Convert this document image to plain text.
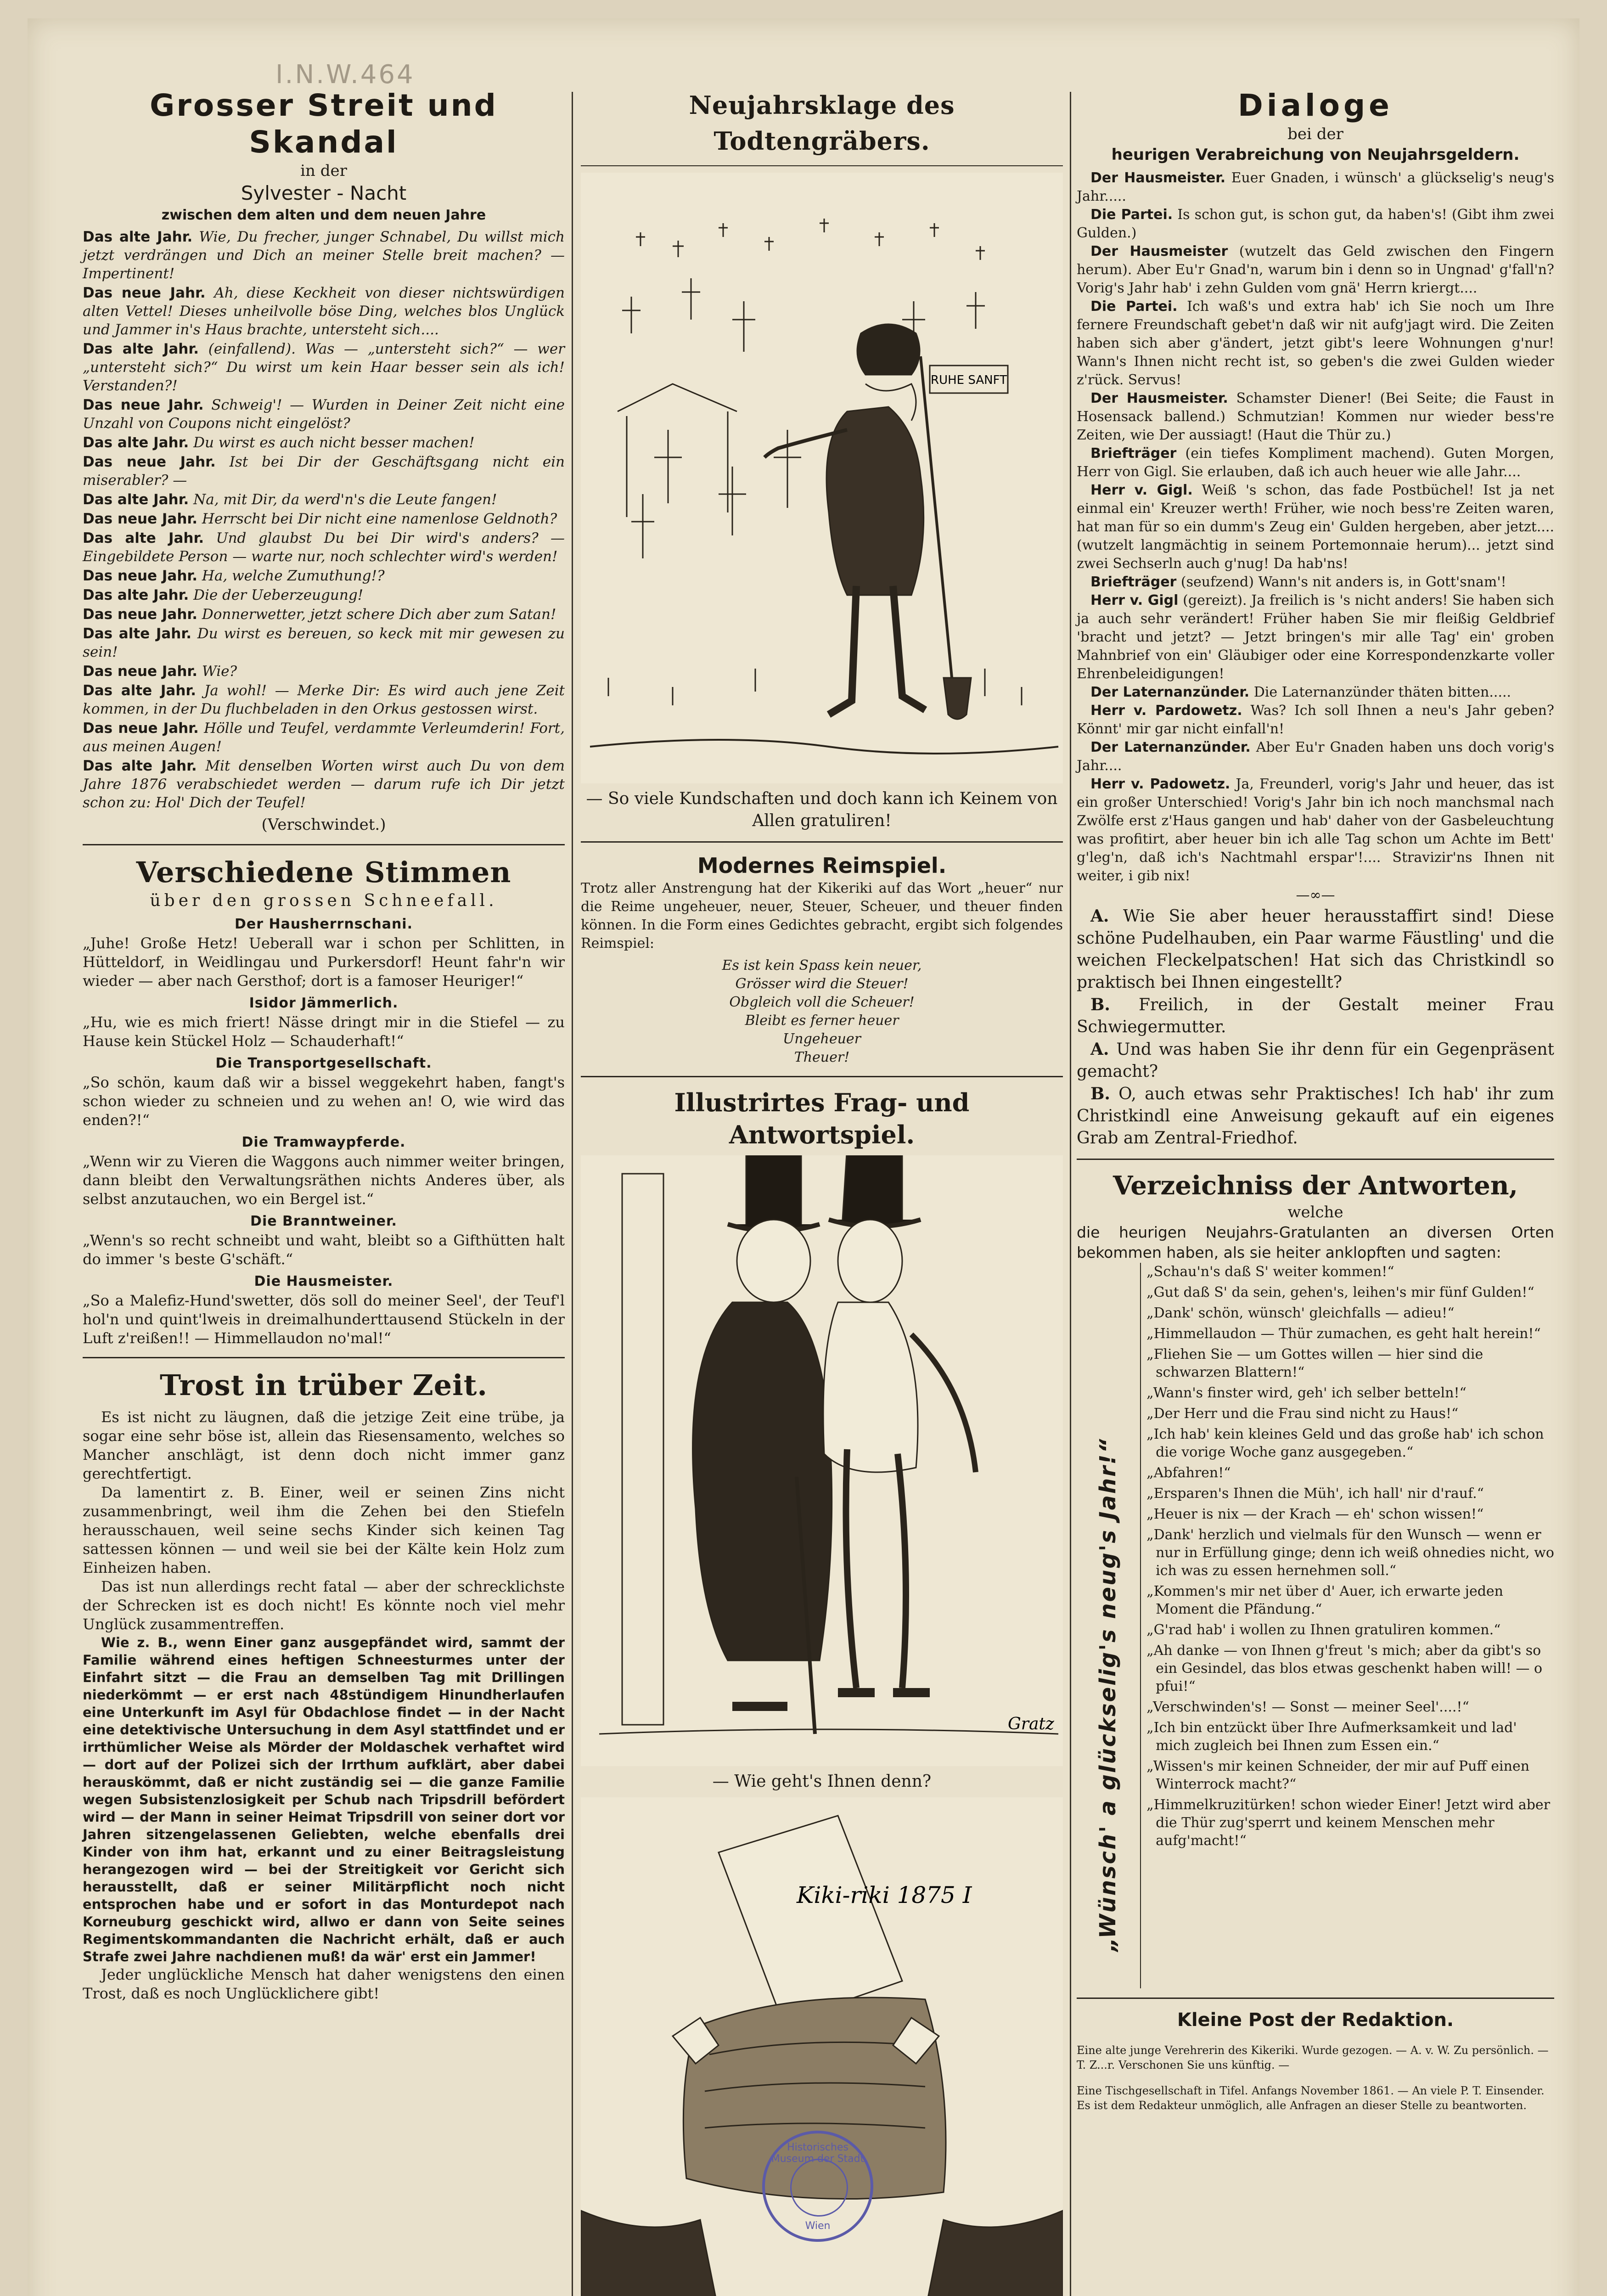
I.N.W.464
Grosser Streit und Skandal
in der
Sylvester - Nacht
zwischen dem alten und dem neuen Jahre

Das alte Jahr. Wie, Du frecher, junger Schnabel, Du willst mich jetzt verdrängen und Dich an meiner Stelle breit machen? — Impertinent!

Das neue Jahr. Ah, diese Keckheit von dieser nichtswürdigen alten Vettel! Dieses unheilvolle böse Ding, welches blos Unglück und Jammer in's Haus brachte, untersteht sich....

Das alte Jahr. (einfallend). Was — „untersteht sich?“ — wer „untersteht sich?“ Du wirst um kein Haar besser sein als ich! Verstanden?!

Das neue Jahr. Schweig'! — Wurden in Deiner Zeit nicht eine Unzahl von Coupons nicht eingelöst?

Das alte Jahr. Du wirst es auch nicht besser machen!

Das neue Jahr. Ist bei Dir der Geschäftsgang nicht ein miserabler? —

Das alte Jahr. Na, mit Dir, da werd'n's die Leute fangen!

Das neue Jahr. Herrscht bei Dir nicht eine namenlose Geldnoth?

Das alte Jahr. Und glaubst Du bei Dir wird's anders? — Eingebildete Person — warte nur, noch schlechter wird's werden!

Das neue Jahr. Ha, welche Zumuthung!?

Das alte Jahr. Die der Ueberzeugung!

Das neue Jahr. Donnerwetter, jetzt schere Dich aber zum Satan!

Das alte Jahr. Du wirst es bereuen, so keck mit mir gewesen zu sein!

Das neue Jahr. Wie?

Das alte Jahr. Ja wohl! — Merke Dir: Es wird auch jene Zeit kommen, in der Du fluchbeladen in den Orkus gestossen wirst.

Das neue Jahr. Hölle und Teufel, verdammte Verleumderin! Fort, aus meinen Augen!

Das alte Jahr. Mit denselben Worten wirst auch Du von dem Jahre 1876 verabschiedet werden — darum rufe ich Dir jetzt schon zu: Hol' Dich der Teufel!

(Verschwindet.)
Verschiedene Stimmen
über den grossen Schneefall.
Der Hausherrnschani.

„Juhe! Große Hetz! Ueberall war i schon per Schlitten, in Hütteldorf, in Weidlingau und Purkersdorf! Heunt fahr'n wir wieder — aber nach Gersthof; dort is a famoser Heuriger!“

Isidor Jämmerlich.

„Hu, wie es mich friert! Nässe dringt mir in die Stiefel — zu Hause kein Stückel Holz — Schauderhaft!“

Die Transportgesellschaft.

„So schön, kaum daß wir a bissel weggekehrt haben, fangt's schon wieder zu schneien und zu wehen an! O, wie wird das enden?!“

Die Tramwaypferde.

„Wenn wir zu Vieren die Waggons auch nimmer weiter bringen, dann bleibt den Verwaltungsräthen nichts Anderes über, als selbst anzutauchen, wo ein Bergel ist.“

Die Branntweiner.

„Wenn's so recht schneibt und waht, bleibt so a Gifthütten halt do immer 's beste G'schäft.“

Die Hausmeister.

„So a Malefiz-Hund'swetter, dös soll do meiner Seel', der Teuf'l hol'n und quint'lweis in dreimalhunderttausend Stückeln in der Luft z'reißen!! — Himmellaudon no'mal!“

Trost in trüber Zeit.

Es ist nicht zu läugnen, daß die jetzige Zeit eine trübe, ja sogar eine sehr böse ist, allein das Riesensamento, welches so Mancher anschlägt, ist denn doch nicht immer ganz gerechtfertigt.

Da lamentirt z. B. Einer, weil er seinen Zins nicht zusammenbringt, weil ihm die Zehen bei den Stiefeln herausschauen, weil seine sechs Kinder sich keinen Tag sattessen können — und weil sie bei der Kälte kein Holz zum Einheizen haben.

Das ist nun allerdings recht fatal — aber der schrecklichste der Schrecken ist es doch nicht! Es könnte noch viel mehr Unglück zusammentreffen.

Wie z. B., wenn Einer ganz ausgepfändet wird, sammt der Familie während eines heftigen Schneesturmes unter der Einfahrt sitzt — die Frau an demselben Tag mit Drillingen niederkömmt — er erst nach 48stündigem Hinundherlaufen eine Unterkunft im Asyl für Obdachlose findet — in der Nacht eine detektivische Untersuchung in dem Asyl stattfindet und er irrthümlicher Weise als Mörder der Moldaschek verhaftet wird — dort auf der Polizei sich der Irrthum aufklärt, aber dabei herauskömmt, daß er nicht zuständig sei — die ganze Familie wegen Subsistenzlosigkeit per Schub nach Tripsdrill befördert wird — der Mann in seiner Heimat Tripsdrill von seiner dort vor Jahren sitzengelassenen Geliebten, welche ebenfalls drei Kinder von ihm hat, erkannt und zu einer Beitragsleistung herangezogen wird — bei der Streitigkeit vor Gericht sich herausstellt, daß er seiner Militärpflicht noch nicht entsprochen habe und er sofort in das Monturdepot nach Korneuburg geschickt wird, allwo er dann von Seite seines Regimentskommandanten die Nachricht erhält, daß er auch Strafe zwei Jahre nachdienen muß! da wär' erst ein Jammer!

Jeder unglückliche Mensch hat daher wenigstens den einen Trost, daß es noch Unglücklichere gibt!

Neujahrsklage des Todtengräbers.
RUHE SANFT
— So viele Kundschaften und doch kann ich Keinem von Allen gratuliren!
Modernes Reimspiel.

Trotz aller Anstrengung hat der Kikeriki auf das Wort „heuer“ nur die Reime ungeheuer, neuer, Steuer, Scheuer, und theuer finden können. In die Form eines Gedichtes gebracht, ergibt sich folgendes Reimspiel:

Es ist kein Spass kein neuer,
Grösser wird die Steuer!
Obgleich voll die Scheuer!
Bleibt es ferner heuer
Ungeheuer
Theuer!
Illustrirtes Frag- und Antwortspiel.
Gratz
— Wie geht's Ihnen denn?
Kiki-riki 1875 I
Historisches Museum der Stadt
Wien
Dialoge
bei der
heurigen Verabreichung von Neujahrsgeldern.

Der Hausmeister. Euer Gnaden, i wünsch' a glückselig's neug's Jahr.....

Die Partei. Is schon gut, is schon gut, da haben's! (Gibt ihm zwei Gulden.)

Der Hausmeister (wutzelt das Geld zwischen den Fingern herum). Aber Eu'r Gnad'n, warum bin i denn so in Ungnad' g'fall'n? Vorig's Jahr hab' i zehn Gulden vom gnä' Herrn kriergt....

Die Partei. Ich waß's und extra hab' ich Sie noch um Ihre fernere Freundschaft gebet'n daß wir nit aufg'jagt wird. Die Zeiten haben sich aber g'ändert, jetzt gibt's leere Wohnungen g'nur! Wann's Ihnen nicht recht ist, so geben's die zwei Gulden wieder z'rück. Servus!

Der Hausmeister. Schamster Diener! (Bei Seite; die Faust in Hosensack ballend.) Schmutzian! Kommen nur wieder bess're Zeiten, wie Der aussiagt! (Haut die Thür zu.)

Briefträger (ein tiefes Kompliment machend). Guten Morgen, Herr von Gigl. Sie erlauben, daß ich auch heuer wie alle Jahr....

Herr v. Gigl. Weiß 's schon, das fade Postbüchel! Ist ja net einmal ein' Kreuzer werth! Früher, wie noch bess're Zeiten waren, hat man für so ein dumm's Zeug ein' Gulden hergeben, aber jetzt.... (wutzelt langmächtig in seinem Portemonnaie herum)... jetzt sind zwei Sechserln auch g'nug! Da hab'ns!

Briefträger (seufzend) Wann's nit anders is, in Gott'snam'!

Herr v. Gigl (gereizt). Ja freilich is 's nicht anders! Sie haben sich ja auch sehr verändert! Früher haben Sie mir fleißig Geldbrief 'bracht und jetzt? — Jetzt bringen's mir alle Tag' ein' groben Mahnbrief von ein' Gläubiger oder eine Korrespondenzkarte voller Ehrenbeleidigungen!

Der Laternanzünder. Die Laternanzünder thäten bitten.....

Herr v. Pardowetz. Was? Ich soll Ihnen a neu's Jahr geben? Könnt' mir gar nicht einfall'n!

Der Laternanzünder. Aber Eu'r Gnaden haben uns doch vorig's Jahr....

Herr v. Padowetz. Ja, Freunderl, vorig's Jahr und heuer, das ist ein großer Unterschied! Vorig's Jahr bin ich noch manchsmal nach Zwölfe erst z'Haus gangen und hab' daher von der Gasbeleuchtung was profitirt, aber heuer bin ich alle Tag schon um Achte im Bett' g'leg'n, daß ich's Nachtmahl erspar'!.... Stravizir'ns Ihnen nit weiter, i gib nix!

—∞—

A. Wie Sie aber heuer herausstaffirt sind! Diese schöne Pudelhauben, ein Paar warme Fäustling' und die weichen Fleckelpatschen! Hat sich das Christkindl so praktisch bei Ihnen eingestellt?

B. Freilich, in der Gestalt meiner Frau Schwiegermutter.

A. Und was haben Sie ihr denn für ein Gegenpräsent gemacht?

B. O, auch etwas sehr Praktisches! Ich hab' ihr zum Christkindl eine Anweisung gekauft auf ein eigenes Grab am Zentral-Friedhof.

Verzeichniss der Antworten,
welche

die heurigen Neujahrs-Gratulanten an diversen Orten bekommen haben, als sie heiter anklopften und sagten:

„Wünsch' a glückselig's neug's Jahr!“

„Schau'n's daß S' weiter kommen!“

„Gut daß S' da sein, gehen's, leihen's mir fünf Gulden!“

„Dank' schön, wünsch' gleichfalls — adieu!“

„Himmellaudon — Thür zumachen, es geht halt herein!“

„Fliehen Sie — um Gottes willen — hier sind die schwarzen Blattern!“

„Wann's finster wird, geh' ich selber betteln!“

„Der Herr und die Frau sind nicht zu Haus!“

„Ich hab' kein kleines Geld und das große hab' ich schon die vorige Woche ganz ausgegeben.“

„Abfahren!“

„Ersparen's Ihnen die Müh', ich hall' nir d'rauf.“

„Heuer is nix — der Krach — eh' schon wissen!“

„Dank' herzlich und vielmals für den Wunsch — wenn er nur in Erfüllung ginge; denn ich weiß ohnedies nicht, wo ich was zu essen hernehmen soll.“

„Kommen's mir net über d' Auer, ich erwarte jeden Moment die Pfändung.“

„G'rad hab' i wollen zu Ihnen gratuliren kommen.“

„Ah danke — von Ihnen g'freut 's mich; aber da gibt's so ein Gesindel, das blos etwas geschenkt haben will! — o pfui!“

„Verschwinden's! — Sonst — meiner Seel'....!“

„Ich bin entzückt über Ihre Aufmerksamkeit und lad' mich zugleich bei Ihnen zum Essen ein.“

„Wissen's mir keinen Schneider, der mir auf Puff einen Winterrock macht?“

„Himmelkruzitürken! schon wieder Einer! Jetzt wird aber die Thür zug'sperrt und keinem Menschen mehr aufg'macht!“

Kleine Post der Redaktion.

Eine alte junge Verehrerin des Kikeriki. Wurde gezogen. — A. v. W. Zu persönlich. — T. Z...r. Verschonen Sie uns künftig. —

Eine Tischgesellschaft in Tifel. Anfangs November 1861. — An viele P. T. Einsender. Es ist dem Redakteur unmöglich, alle Anfragen an dieser Stelle zu beantworten.
